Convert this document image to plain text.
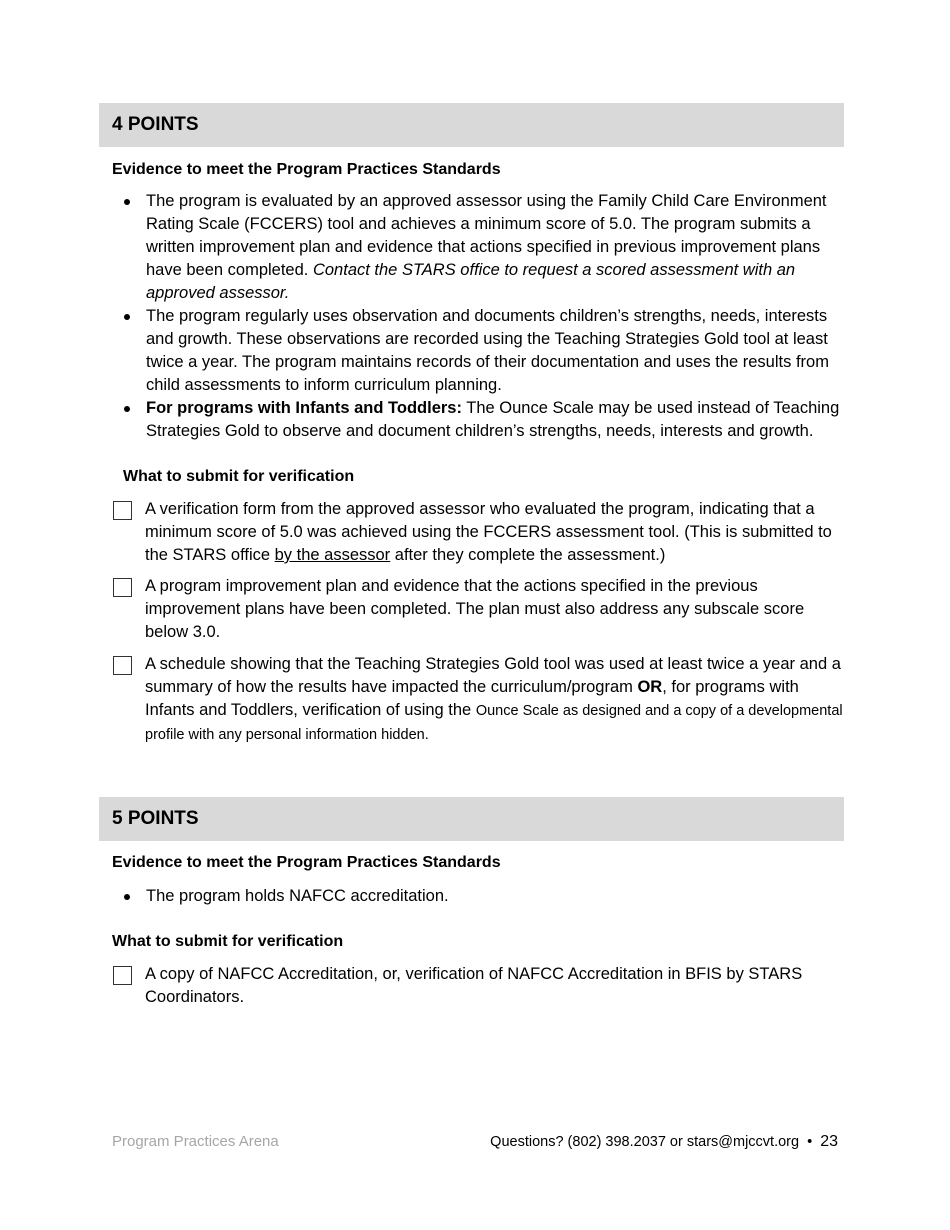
4 POINTS
Evidence to meet the Program Practices Standards
The program is evaluated by an approved assessor using the Family Child Care Environment Rating Scale (FCCERS) tool and achieves a minimum score of 5.0. The program submits a written improvement plan and evidence that actions specified in previous improvement plans have been completed. Contact the STARS office to request a scored assessment with an approved assessor.
The program regularly uses observation and documents children’s strengths, needs, interests and growth. These observations are recorded using the Teaching Strategies Gold tool at least twice a year. The program maintains records of their documentation and uses the results from child assessments to inform curriculum planning.
For programs with Infants and Toddlers: The Ounce Scale may be used instead of Teaching Strategies Gold to observe and document children’s strengths, needs, interests and growth.
What to submit for verification
A verification form from the approved assessor who evaluated the program, indicating that a minimum score of 5.0 was achieved using the FCCERS assessment tool. (This is submitted to the STARS office by the assessor after they complete the assessment.)
A program improvement plan and evidence that the actions specified in the previous improvement plans have been completed. The plan must also address any subscale score below 3.0.
A schedule showing that the Teaching Strategies Gold tool was used at least twice a year and a summary of how the results have impacted the curriculum/program OR, for programs with Infants and Toddlers, verification of using the Ounce Scale as designed and a copy of a developmental profile with any personal information hidden.
5 POINTS
Evidence to meet the Program Practices Standards
The program holds NAFCC accreditation.
What to submit for verification
A copy of NAFCC Accreditation, or, verification of NAFCC Accreditation in BFIS by STARS Coordinators.
Program Practices Arena	Questions? (802) 398.2037 or stars@mjccvt.org • 23
